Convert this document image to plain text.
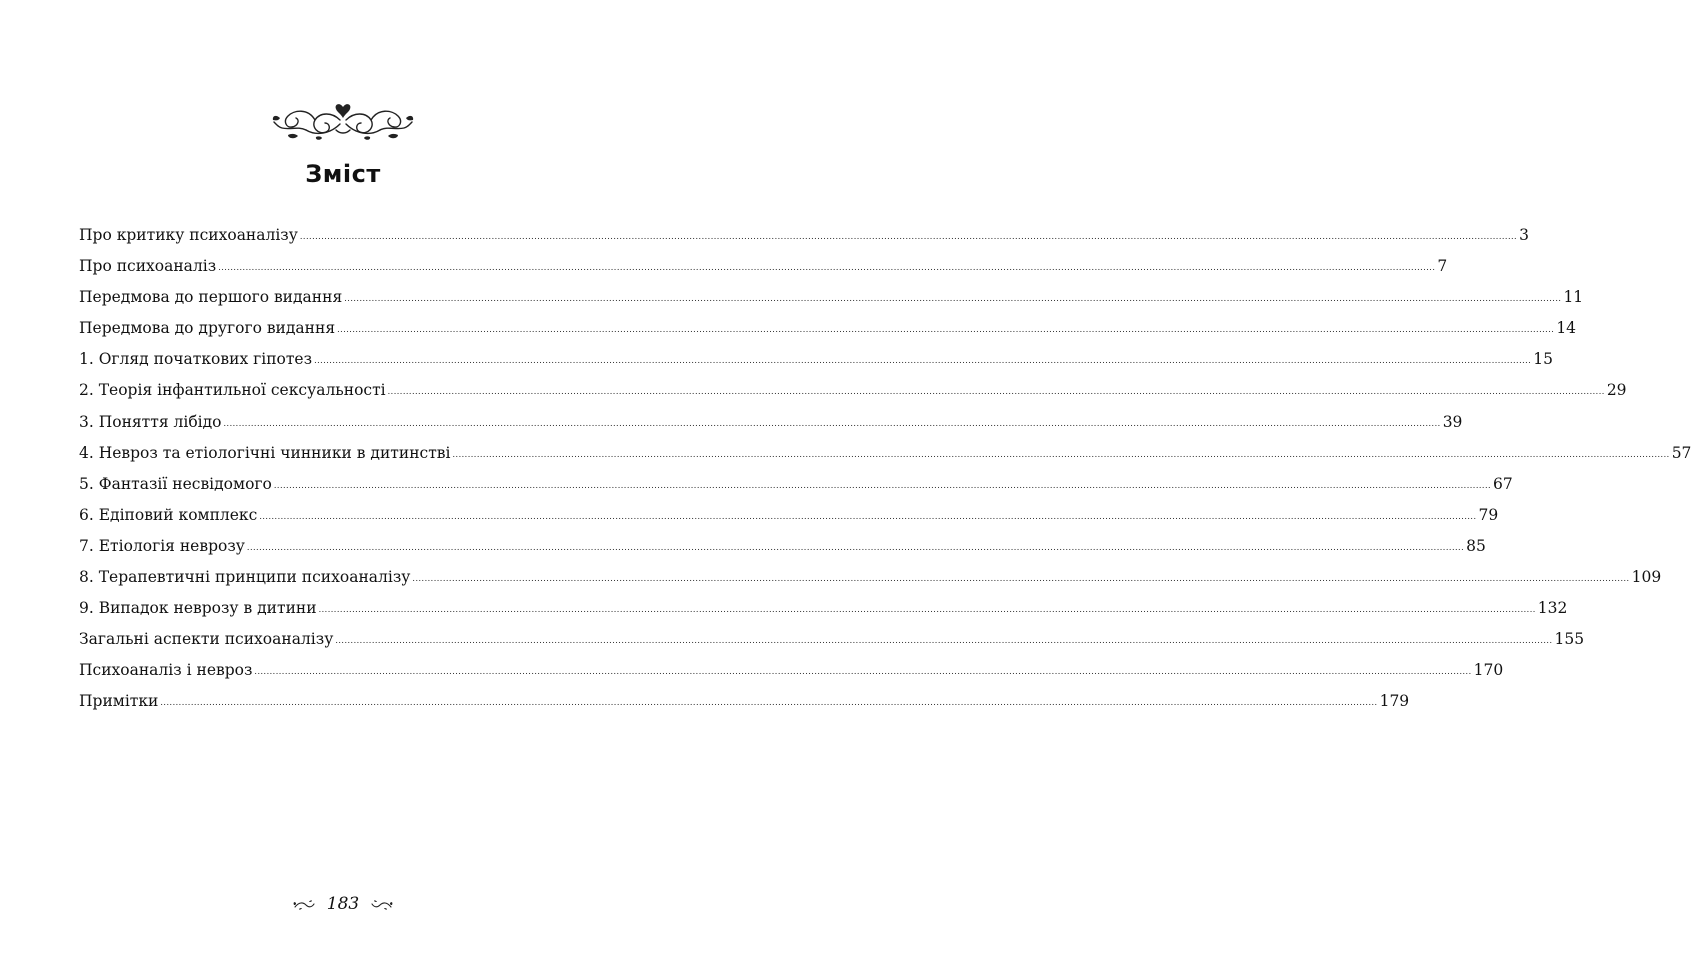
Зміст
Про критику психоаналізу ................................................................................................................................................................................................................................................................................................................................................................................................................ 3
Про психоаналіз ................................................................................................................................................................................................................................................................................................................................................................................................................ 7
Передмова до першого видання ................................................................................................................................................................................................................................................................................................................................................................................................................ 11
Передмова до другого видання ................................................................................................................................................................................................................................................................................................................................................................................................................ 14
1. Огляд початкових гіпотез ................................................................................................................................................................................................................................................................................................................................................................................................................ 15
2. Теорія інфантильної сексуальності ................................................................................................................................................................................................................................................................................................................................................................................................................ 29
3. Поняття лібідо ................................................................................................................................................................................................................................................................................................................................................................................................................ 39
4. Невроз та етіологічні чинники в дитинстві ................................................................................................................................................................................................................................................................................................................................................................................................................ 57
5. Фантазії несвідомого ................................................................................................................................................................................................................................................................................................................................................................................................................ 67
6. Едіповий комплекс ................................................................................................................................................................................................................................................................................................................................................................................................................ 79
7. Етіологія неврозу ................................................................................................................................................................................................................................................................................................................................................................................................................ 85
8. Терапевтичні принципи психоаналізу ................................................................................................................................................................................................................................................................................................................................................................................................................ 109
9. Випадок неврозу в дитини ................................................................................................................................................................................................................................................................................................................................................................................................................ 132
Загальні аспекти психоаналізу ................................................................................................................................................................................................................................................................................................................................................................................................................ 155
Психоаналіз і невроз ................................................................................................................................................................................................................................................................................................................................................................................................................ 170
Примітки ................................................................................................................................................................................................................................................................................................................................................................................................................ 179
183
